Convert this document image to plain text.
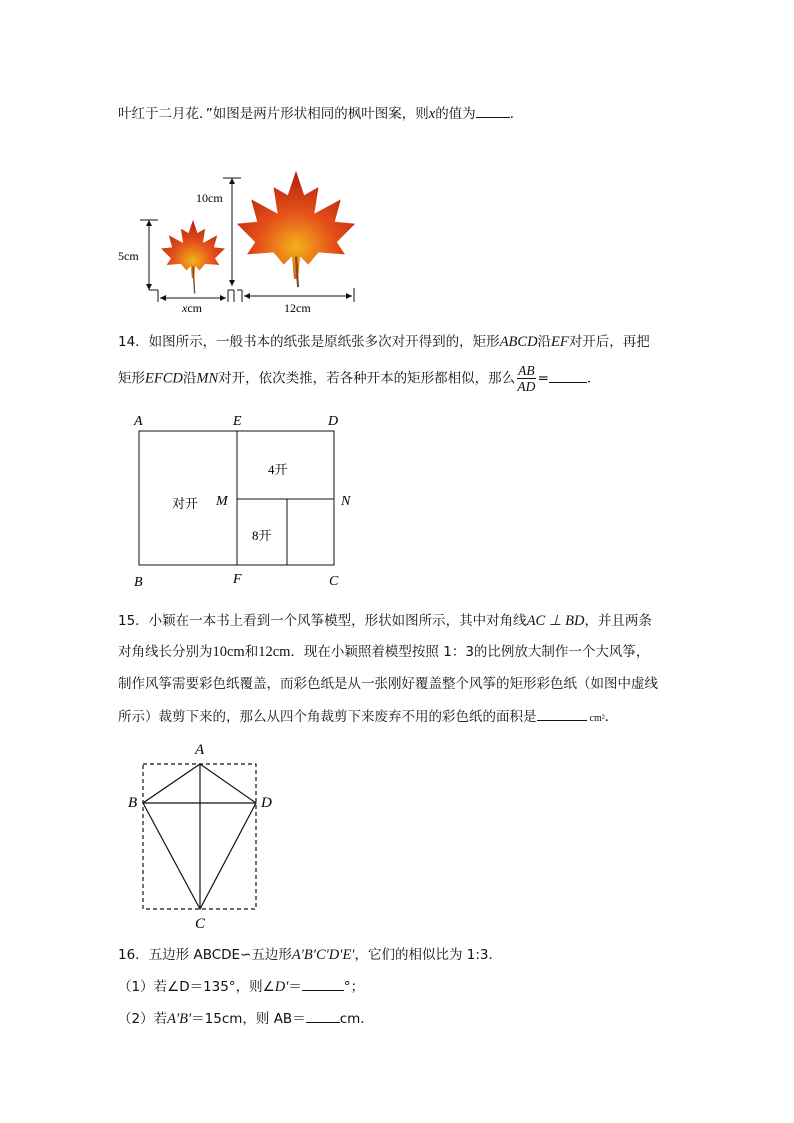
叶红于二月花．”如图是两片形状相同的枫叶图案，则x的值为	．
5cm
xcm
10cm
12cm
14．如图所示，一般书本的纸张是原纸张多次对开得到的，矩形ABCD沿EF对开后，再把
矩形EFCD沿MN对开，依次类推，若各种开本的矩形都相似，那么 $\frac{AB}{AD}$ =	．
A	E	D
B	F	C
M	N
对开
4开
8开
15．小颖在一本书上看到一个风筝模型，形状如图所示，其中对角线AC ⊥ BD，并且两条
对角线长分别为10cm和12cm．现在小颖照着模型按照 1：3的比例放大制作一个大风筝，
制作风筝需要彩色纸覆盖，而彩色纸是从一张刚好覆盖整个风筝的矩形彩色纸（如图中虚线
所示）裁剪下来的，那么从四个角裁剪下来废弃不用的彩色纸的面积是	cm²．
A
B	D
C
16．五边形 ABCDE∽五边形A′B′C′D′E′，它们的相似比为 1:3．
（1）若∠D＝135°，则∠D′＝	°；
（2）若A′B′＝15cm，则 AB＝	cm．
